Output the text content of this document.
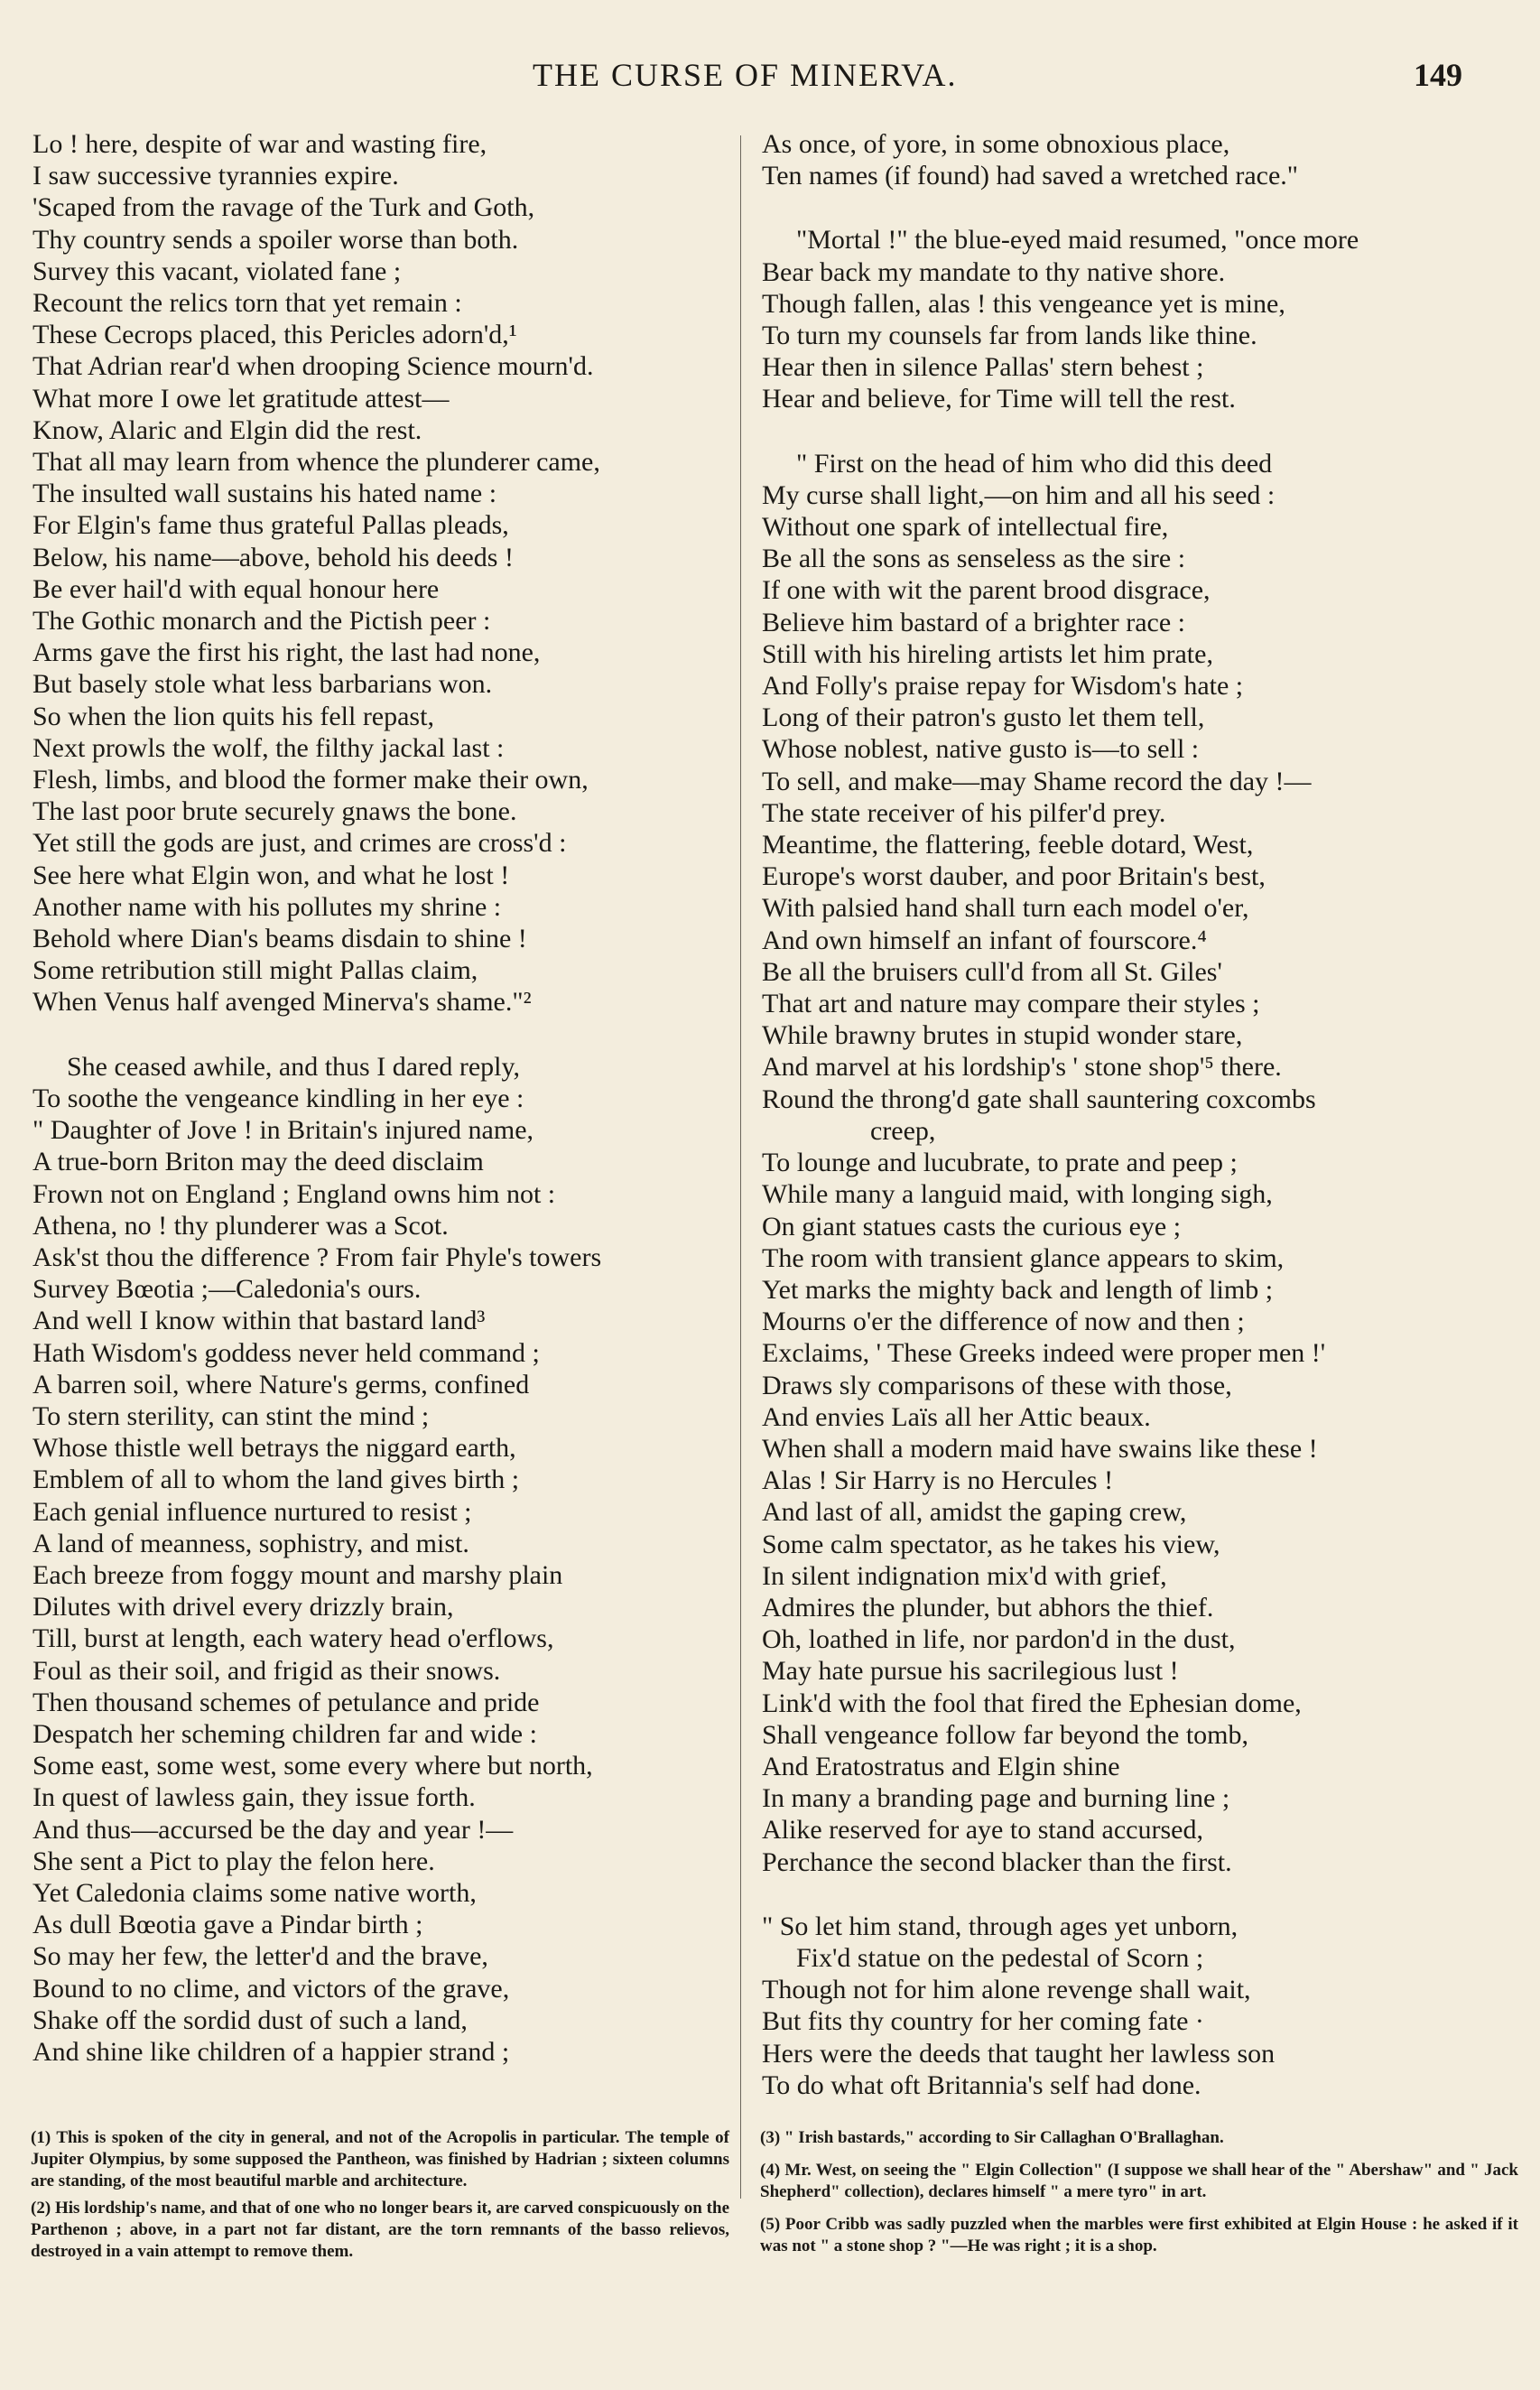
THE CURSE OF MINERVA.	149
Lo ! here, despite of war and wasting fire,
I saw successive tyrannies expire.
'Scaped from the ravage of the Turk and Goth,
Thy country sends a spoiler worse than both.
Survey this vacant, violated fane ;
Recount the relics torn that yet remain :
These Cecrops placed, this Pericles adorn'd,¹
That Adrian rear'd when drooping Science mourn'd.
What more I owe let gratitude attest—
Know, Alaric and Elgin did the rest.
That all may learn from whence the plunderer came,
The insulted wall sustains his hated name :
For Elgin's fame thus grateful Pallas pleads,
Below, his name—above, behold his deeds !
Be ever hail'd with equal honour here
The Gothic monarch and the Pictish peer :
Arms gave the first his right, the last had none,
But basely stole what less barbarians won.
So when the lion quits his fell repast,
Next prowls the wolf, the filthy jackal last :
Flesh, limbs, and blood the former make their own,
The last poor brute securely gnaws the bone.
Yet still the gods are just, and crimes are cross'd :
See here what Elgin won, and what he lost !
Another name with his pollutes my shrine :
Behold where Dian's beams disdain to shine !
Some retribution still might Pallas claim,
When Venus half avenged Minerva's shame."²
She ceased awhile, and thus I dared reply,
To soothe the vengeance kindling in her eye :
" Daughter of Jove ! in Britain's injured name,
A true-born Briton may the deed disclaim
Frown not on England ; England owns him not :
Athena, no ! thy plunderer was a Scot.
Ask'st thou the difference ? From fair Phyle's towers
Survey Bœotia ;—Caledonia's ours.
And well I know within that bastard land³
Hath Wisdom's goddess never held command ;
A barren soil, where Nature's germs, confined
To stern sterility, can stint the mind ;
Whose thistle well betrays the niggard earth,
Emblem of all to whom the land gives birth ;
Each genial influence nurtured to resist ;
A land of meanness, sophistry, and mist.
Each breeze from foggy mount and marshy plain
Dilutes with drivel every drizzly brain,
Till, burst at length, each watery head o'erflows,
Foul as their soil, and frigid as their snows.
Then thousand schemes of petulance and pride
Despatch her scheming children far and wide :
Some east, some west, some every where but north,
In quest of lawless gain, they issue forth.
And thus—accursed be the day and year !—
She sent a Pict to play the felon here.
Yet Caledonia claims some native worth,
As dull Bœotia gave a Pindar birth ;
So may her few, the letter'd and the brave,
Bound to no clime, and victors of the grave,
Shake off the sordid dust of such a land,
And shine like children of a happier strand ;
As once, of yore, in some obnoxious place,
Ten names (if found) had saved a wretched race."
"Mortal !" the blue-eyed maid resumed, "once more
Bear back my mandate to thy native shore.
Though fallen, alas ! this vengeance yet is mine,
To turn my counsels far from lands like thine.
Hear then in silence Pallas' stern behest ;
Hear and believe, for Time will tell the rest.
" First on the head of him who did this deed
My curse shall light,—on him and all his seed :
Without one spark of intellectual fire,
Be all the sons as senseless as the sire :
If one with wit the parent brood disgrace,
Believe him bastard of a brighter race :
Still with his hireling artists let him prate,
And Folly's praise repay for Wisdom's hate ;
Long of their patron's gusto let them tell,
Whose noblest, native gusto is—to sell :
To sell, and make—may Shame record the day !—
The state receiver of his pilfer'd prey.
Meantime, the flattering, feeble dotard, West,
Europe's worst dauber, and poor Britain's best,
With palsied hand shall turn each model o'er,
And own himself an infant of fourscore.⁴
Be all the bruisers cull'd from all St. Giles'
That art and nature may compare their styles ;
While brawny brutes in stupid wonder stare,
And marvel at his lordship's ' stone shop'⁵ there.
Round the throng'd gate shall sauntering coxcombs
creep,
To lounge and lucubrate, to prate and peep ;
While many a languid maid, with longing sigh,
On giant statues casts the curious eye ;
The room with transient glance appears to skim,
Yet marks the mighty back and length of limb ;
Mourns o'er the difference of now and then ;
Exclaims, ' These Greeks indeed were proper men !'
Draws sly comparisons of these with those,
And envies Laïs all her Attic beaux.
When shall a modern maid have swains like these !
Alas ! Sir Harry is no Hercules !
And last of all, amidst the gaping crew,
Some calm spectator, as he takes his view,
In silent indignation mix'd with grief,
Admires the plunder, but abhors the thief.
Oh, loathed in life, nor pardon'd in the dust,
May hate pursue his sacrilegious lust !
Link'd with the fool that fired the Ephesian dome,
Shall vengeance follow far beyond the tomb,
And Eratostratus and Elgin shine
In many a branding page and burning line ;
Alike reserved for aye to stand accursed,
Perchance the second blacker than the first.
" So let him stand, through ages yet unborn,
Fix'd statue on the pedestal of Scorn ;
Though not for him alone revenge shall wait,
But fits thy country for her coming fate ·
Hers were the deeds that taught her lawless son
To do what oft Britannia's self had done.
(1) This is spoken of the city in general, and not of the Acropolis in particular. The temple of Jupiter Olympius, by some supposed the Pantheon, was finished by Hadrian ; sixteen columns are standing, of the most beautiful marble and architecture.
(2) His lordship's name, and that of one who no longer bears it, are carved conspicuously on the Parthenon ; above, in a part not far distant, are the torn remnants of the basso relievos, destroyed in a vain attempt to remove them.
(3) " Irish bastards," according to Sir Callaghan O'Brallaghan.
(4) Mr. West, on seeing the " Elgin Collection" (I suppose we shall hear of the " Abershaw" and " Jack Shepherd" collection), declares himself " a mere tyro" in art.
(5) Poor Cribb was sadly puzzled when the marbles were first exhibited at Elgin House : he asked if it was not " a stone shop ? "—He was right ; it is a shop.
